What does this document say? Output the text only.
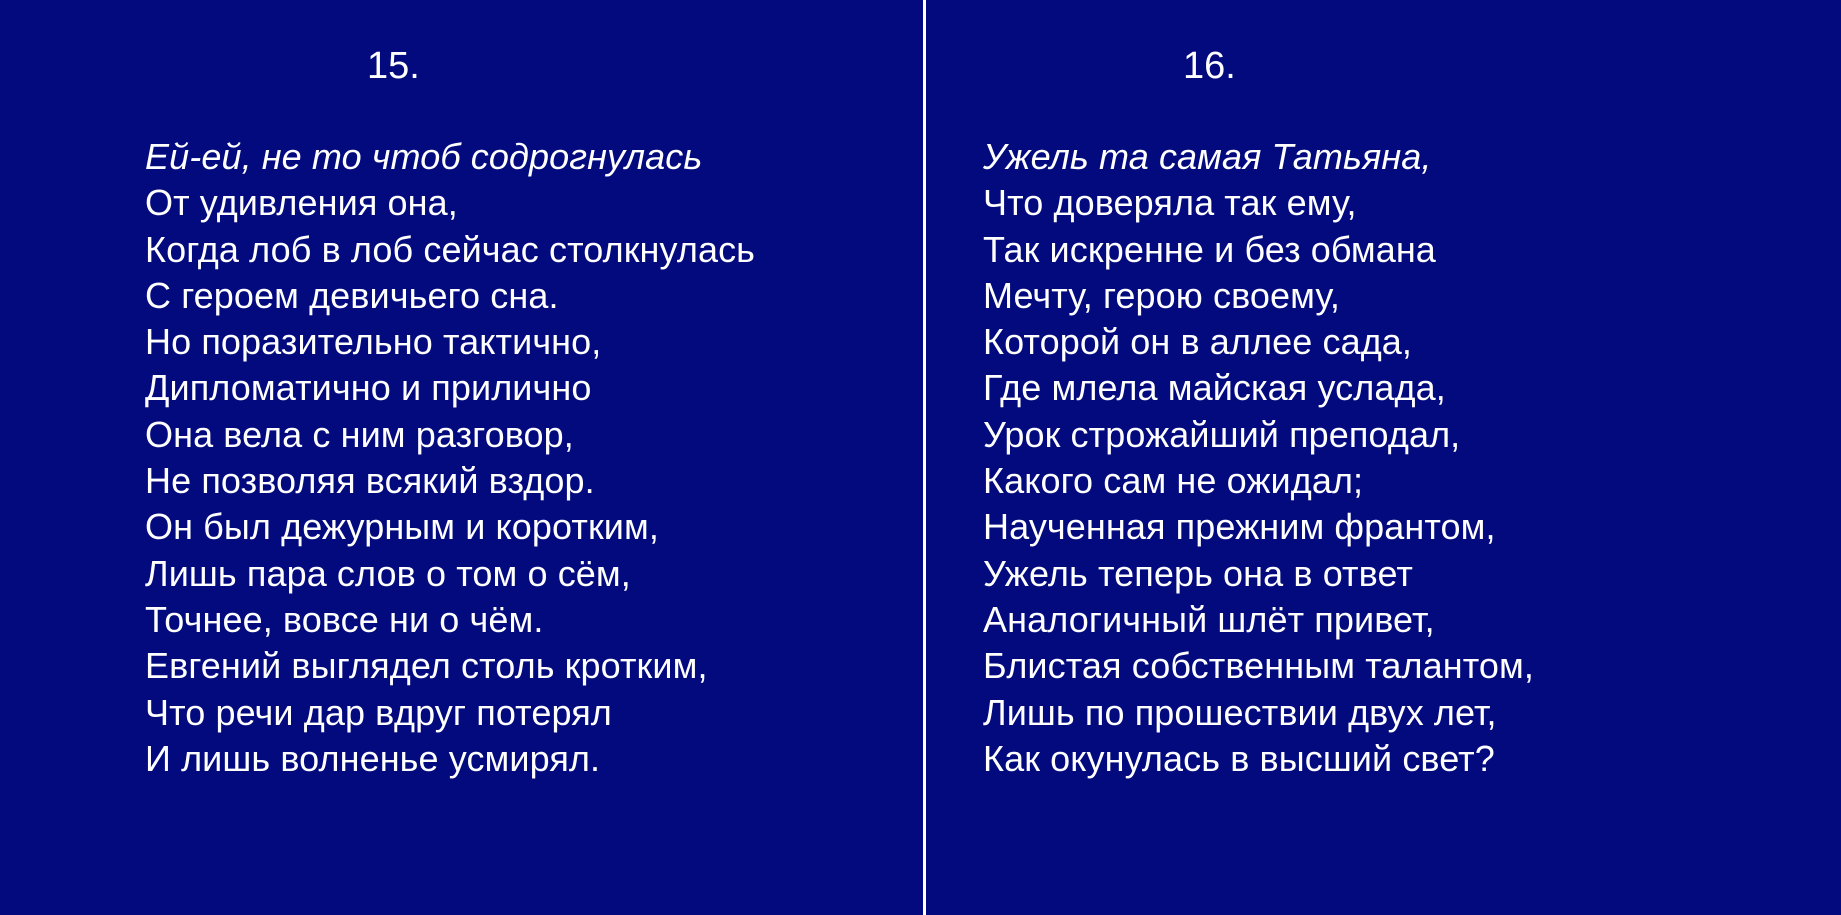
15.
Ей-ей, не то чтоб содрогнулась
От удивления она,
Когда лоб в лоб сейчас столкнулась
С героем девичьего сна.
Но поразительно тактично,
Дипломатично и прилично
Она вела с ним разговор,
Не позволяя всякий вздор.
Он был дежурным и коротким,
Лишь пара слов о том о сём,
Точнее, вовсе ни о чём.
Евгений выглядел столь кротким,
Что речи дар вдруг потерял
И лишь волненье усмирял.
16.
Ужель та самая Татьяна,
Что доверяла так ему,
Так искренне и без обмана
Мечту, герою своему,
Которой он в аллее сада,
Где млела майская услада,
Урок строжайший преподал,
Какого сам не ожидал;
Наученная прежним франтом,
Ужель теперь она в ответ
Аналогичный шлёт привет,
Блистая собственным талантом,
Лишь по прошествии двух лет,
Как окунулась в высший свет?
